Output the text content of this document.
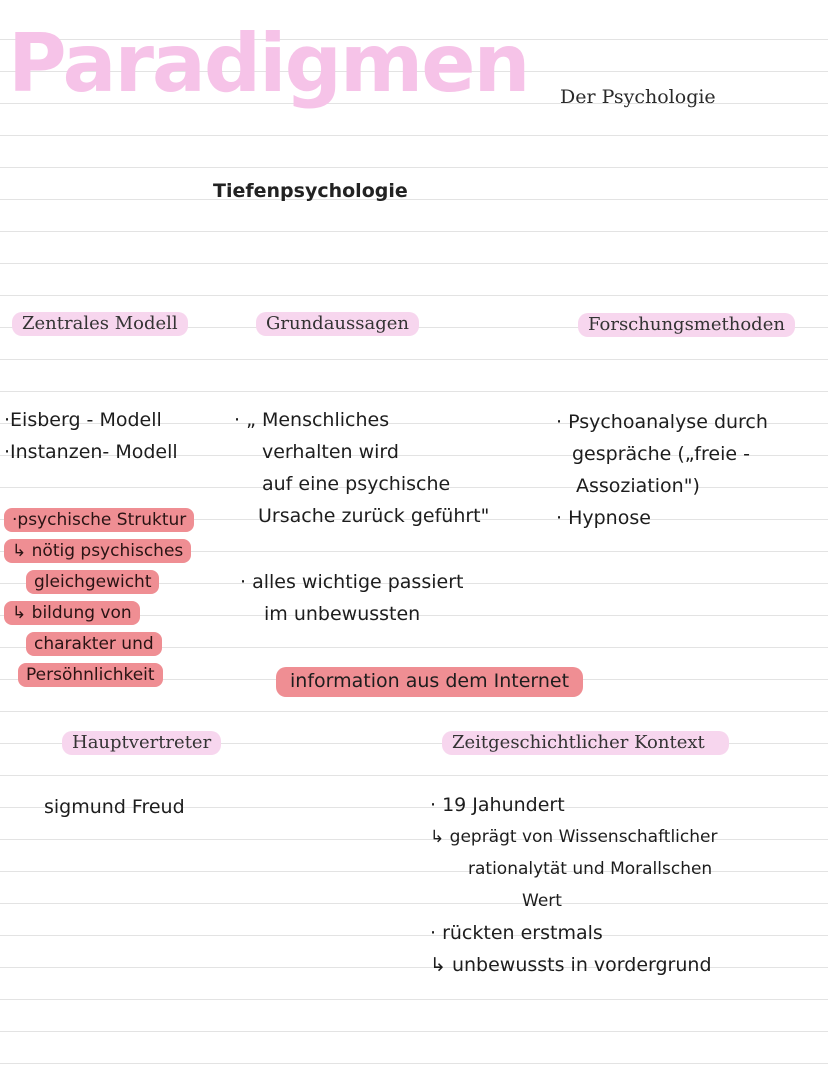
Paradigmen Der Psychologie
Tiefenpsychologie
Zentrales Modell	Grundaussagen	Forschungsmethoden
·Eisberg - Modell
·Instanzen- Modell
·psychische Struktur
↳ nötig psychisches
gleichgewicht
↳ bildung von
charakter und
Persöhnlichkeit
· „ Menschliches
verhalten wird
auf eine psychische
Ursache zurück geführt"
· alles wichtige passiert
im unbewussten
· Psychoanalyse durch
gespräche („freie -
Assoziation")
· Hypnose
information aus dem Internet
Hauptvertreter	Zeitgeschichtlicher Kontext
sigmund Freud	· 19 Jahundert
↳ geprägt von Wissenschaftlicher
rationalytät und Morallschen
Wert
· rückten erstmals
↳ unbewussts in vordergrund
